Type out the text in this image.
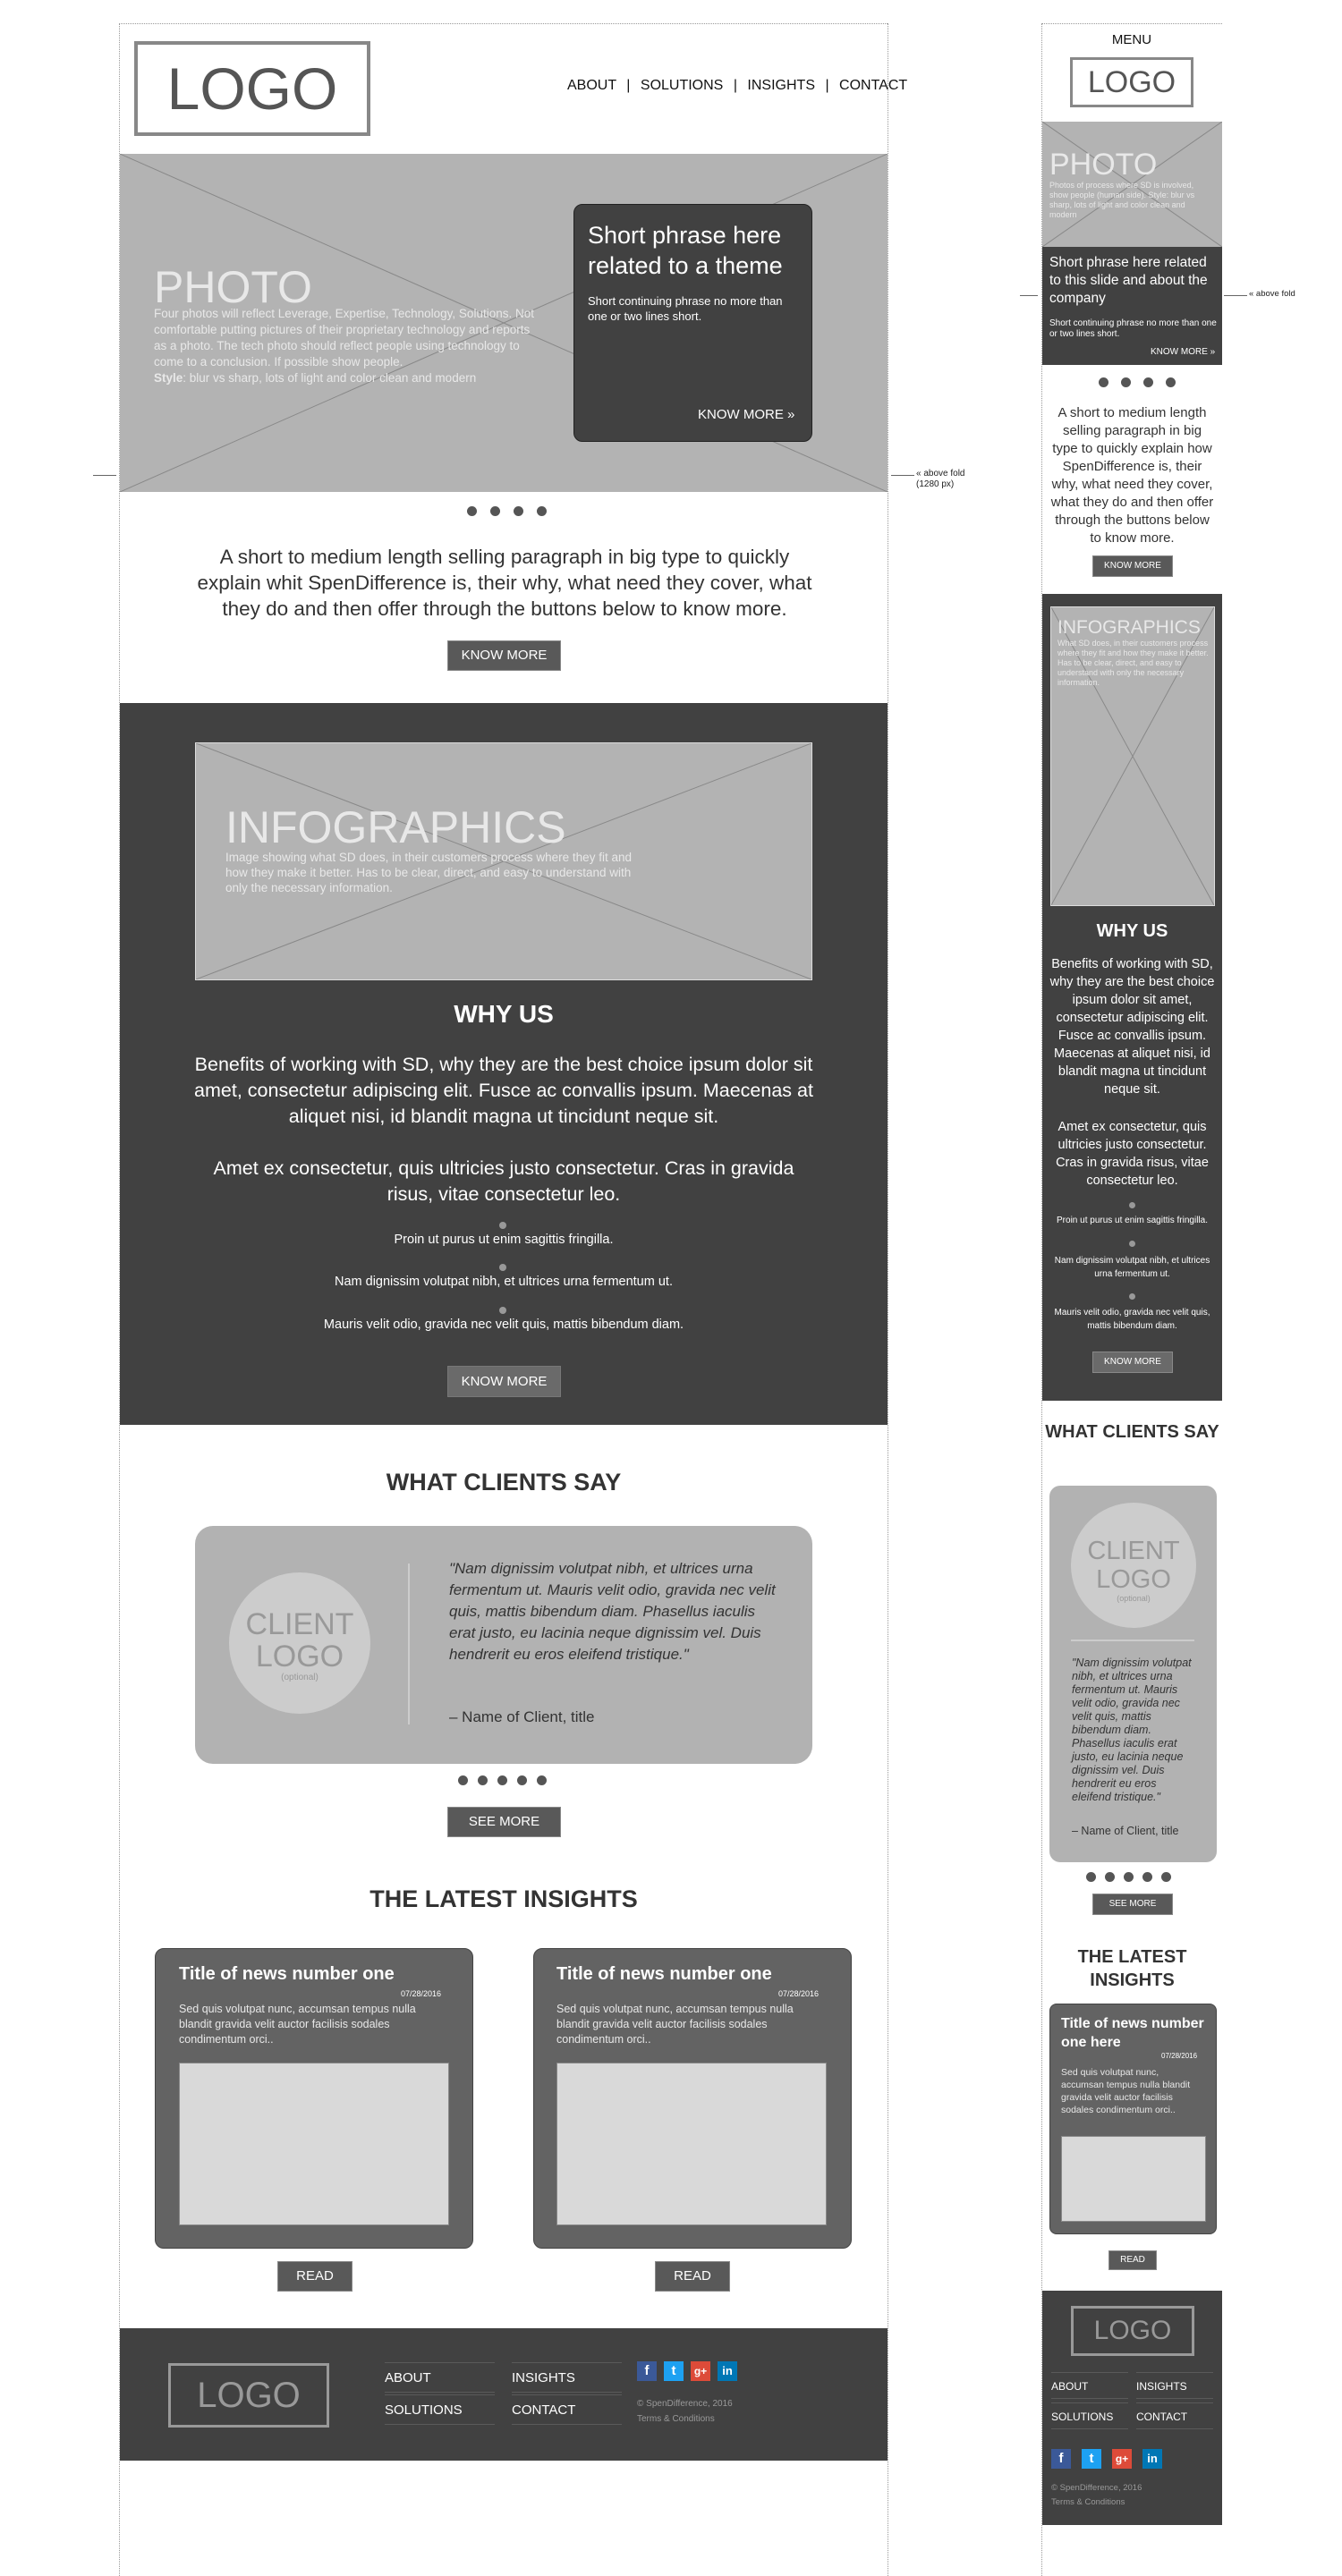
LOGO	ABOUT | SOLUTIONS | INSIGHTS | CONTACT
PHOTO
Four photos will reflect Leverage, Expertise, Technology, Solutions. Not comfortable putting pictures of their proprietary technology and reports as a photo. The tech photo should reflect people using technology to come to a conclusion. If possible show people.
Style: blur vs sharp, lots of light and color clean and modern
Short phrase here related to a theme
Short continuing phrase no more than one or two lines short.
KNOW MORE »
« above fold (1280 px)
A short to medium length selling paragraph in big type to quickly explain whit SpenDifference is, their why, what need they cover, what they do and then offer through the buttons below to know more.
KNOW MORE
INFOGRAPHICS
Image showing what SD does, in their customers process where they fit and how they make it better. Has to be clear, direct, and easy to understand with only the necessary information.
WHY US
Benefits of working with SD, why they are the best choice ipsum dolor sit amet, consectetur adipiscing elit. Fusce ac convallis ipsum. Maecenas at aliquet nisi, id blandit magna ut tincidunt neque sit.
Amet ex consectetur, quis ultricies justo consectetur. Cras in gravida risus, vitae consectetur leo.
Proin ut purus ut enim sagittis fringilla.
Nam dignissim volutpat nibh, et ultrices urna fermentum ut.
Mauris velit odio, gravida nec velit quis, mattis bibendum diam.
KNOW MORE
WHAT CLIENTS SAY
CLIENT
LOGO
(optional)
"Nam dignissim volutpat nibh, et ultrices urna fermentum ut. Mauris velit odio, gravida nec velit quis, mattis bibendum diam. Phasellus iaculis erat justo, eu lacinia neque dignissim vel. Duis hendrerit eu eros eleifend tristique."
– Name of Client, title
SEE MORE
THE LATEST INSIGHTS
Title of news number one
07/28/2016
Sed quis volutpat nunc, accumsan tempus nulla blandit gravida velit auctor facilisis sodales condimentum orci..
READ
Title of news number one
07/28/2016
Sed quis volutpat nunc, accumsan tempus nulla blandit gravida velit auctor facilisis sodales condimentum orci..
READ
LOGO	ABOUT	INSIGHTS
SOLUTIONS	CONTACT
f	t	g+	in
© SpenDifference, 2016
Terms & Conditions
MENU
LOGO
PHOTO
Photos of process where SD is involved, show people (human side). Style: blur vs sharp, lots of light and color clean and modern
Short phrase here related to this slide and about the company
Short continuing phrase no more than one or two lines short.
KNOW MORE »
« above fold
A short to medium length selling paragraph in big type to quickly explain how SpenDifference is, their why, what need they cover, what they do and then offer through the buttons below to know more.
KNOW MORE
INFOGRAPHICS
What SD does, in their customers process where they fit and how they make it better. Has to be clear, direct, and easy to understand with only the necessary information.
WHY US
Benefits of working with SD, why they are the best choice ipsum dolor sit amet, consectetur adipiscing elit. Fusce ac convallis ipsum. Maecenas at aliquet nisi, id blandit magna ut tincidunt neque sit.
Amet ex consectetur, quis ultricies justo consectetur. Cras in gravida risus, vitae consectetur leo.
Proin ut purus ut enim sagittis fringilla.
Nam dignissim volutpat nibh, et ultrices urna fermentum ut.
Mauris velit odio, gravida nec velit quis, mattis bibendum diam.
KNOW MORE
WHAT CLIENTS SAY
CLIENT
LOGO
(optional)
"Nam dignissim volutpat nibh, et ultrices urna fermentum ut. Mauris velit odio, gravida nec velit quis, mattis bibendum diam. Phasellus iaculis erat justo, eu lacinia neque dignissim vel. Duis hendrerit eu eros eleifend tristique."
– Name of Client, title
SEE MORE
THE LATEST INSIGHTS
Title of news number one here
07/28/2016
Sed quis volutpat nunc, accumsan tempus nulla blandit gravida velit auctor facilisis sodales condimentum orci..
READ
LOGO
ABOUT	INSIGHTS
SOLUTIONS	CONTACT
f	t	g+	in
© SpenDifference, 2016
Terms & Conditions
